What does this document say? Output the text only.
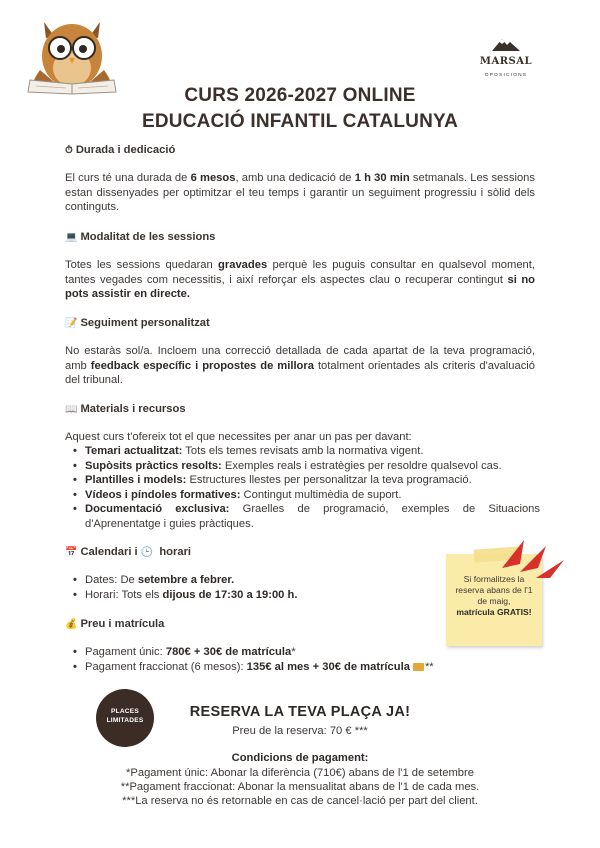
MARSAL
OPOSICIONS
CURS 2026-2027 ONLINE
EDUCACIÓ INFANTIL CATALUNYA
⏱ Durada i dedicació

El curs té una durada de 6 mesos, amb una dedicació de 1 h 30 min setmanals. Les sessions estan dissenyades per optimitzar el teu temps i garantir un seguiment progressiu i sòlid dels continguts.

💻 Modalitat de les sessions

Totes les sessions quedaran gravades perquè les puguis consultar en qualsevol moment, tantes vegades com necessitis, i així reforçar els aspectes clau o recuperar contingut si no pots assistir en directe.

📝 Seguiment personalitzat

No estaràs sol/a. Incloem una correcció detallada de cada apartat de la teva programació, amb feedback específic i propostes de millora totalment orientades als criteris d'avaluació del tribunal.

📖 Materials i recursos

Aquest curs t'ofereix tot el que necessites per anar un pas per davant:

• Temari actualitzat: Tots els temes revisats amb la normativa vigent.
• Supòsits pràctics resolts: Exemples reals i estratègies per resoldre qualsevol cas.
• Plantilles i models: Estructures llestes per personalitzar la teva programació.
• Vídeos i píndoles formatives: Contingut multimèdia de suport.
• Documentació exclusiva: Graelles de programació, exemples de Situacions d'Aprenentatge i guies pràctiques.
📅 Calendari i 🕒 horari
• Dates: De setembre a febrer.
• Horari: Tots els dijous de 17:30 a 19:00 h.
💰 Preu i matrícula
• Pagament únic: 780€ + 30€ de matrícula*
• Pagament fraccionat (6 mesos): 135€ al mes + 30€ de matrícula **
Si formalitzes la reserva abans de l'1 de maig,
matrícula GRATIS!
PLACES
LIMITADES	RESERVA LA TEVA PLAÇA JA!
Preu de la reserva: 70 € ***
Condicions de pagament:
*Pagament únic: Abonar la diferència (710€) abans de l'1 de setembre
**Pagament fraccionat: Abonar la mensualitat abans de l'1 de cada mes.
***La reserva no és retornable en cas de cancel·lació per part del client.
